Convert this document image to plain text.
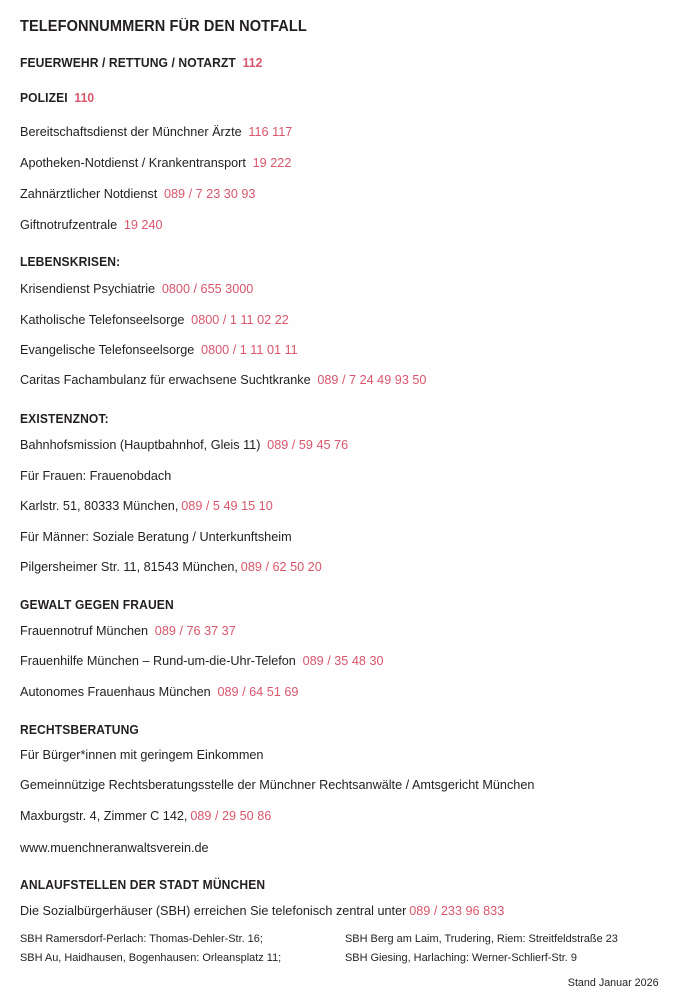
TELEFONNUMMERN FÜR DEN NOTFALL
FEUERWEHR / RETTUNG / NOTARZT 112
POLIZEI 110
Bereitschaftsdienst der Münchner Ärzte 116 117
Apotheken-Notdienst / Krankentransport 19 222
Zahnärztlicher Notdienst 089 / 7 23 30 93
Giftnotrufzentrale 19 240
LEBENSKRISEN:
Krisendienst Psychiatrie 0800 / 655 3000
Katholische Telefonseelsorge 0800 / 1 11 02 22
Evangelische Telefonseelsorge 0800 / 1 11 01 11
Caritas Fachambulanz für erwachsene Suchtkranke 089 / 7 24 49 93 50
EXISTENZNOT:
Bahnhofsmission (Hauptbahnhof, Gleis 11) 089 / 59 45 76
Für Frauen: Frauenobdach
Karlstr. 51, 80333 München, 089 / 5 49 15 10
Für Männer: Soziale Beratung / Unterkunftsheim
Pilgersheimer Str. 11, 81543 München, 089 / 62 50 20
GEWALT GEGEN FRAUEN
Frauennotruf München 089 / 76 37 37
Frauenhilfe München – Rund-um-die-Uhr-Telefon 089 / 35 48 30
Autonomes Frauenhaus München 089 / 64 51 69
RECHTSBERATUNG
Für Bürger*innen mit geringem Einkommen
Gemeinnützige Rechtsberatungsstelle der Münchner Rechtsanwälte / Amtsgericht München
Maxburgstr. 4, Zimmer C 142, 089 / 29 50 86
www.muenchneranwaltsverein.de
ANLAUFSTELLEN DER STADT MÜNCHEN
Die Sozialbürgerhäuser (SBH) erreichen Sie telefonisch zentral unter 089 / 233 96 833
SBH Ramersdorf-Perlach: Thomas-Dehler-Str. 16;	SBH Berg am Laim, Trudering, Riem: Streitfeldstraße 23
SBH Au, Haidhausen, Bogenhausen: Orleansplatz 11;	SBH Giesing, Harlaching: Werner-Schlierf-Str. 9
Stand Januar 2026
